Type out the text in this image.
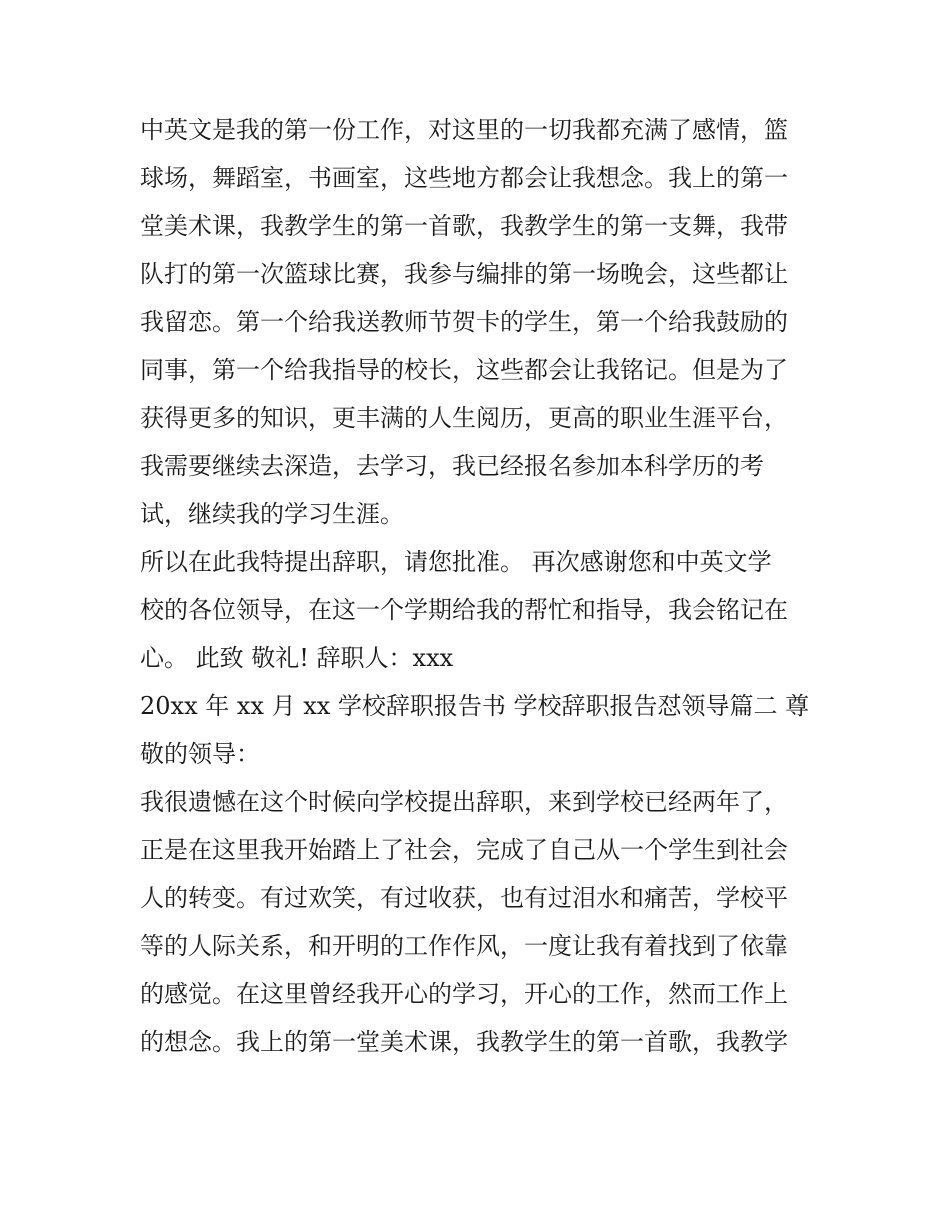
中英文是我的第一份工作，对这里的一切我都充满了感情，篮
球场，舞蹈室，书画室，这些地方都会让我想念。我上的第一
堂美术课，我教学生的第一首歌，我教学生的第一支舞，我带
队打的第一次篮球比赛，我参与编排的第一场晚会，这些都让
我留恋。第一个给我送教师节贺卡的学生，第一个给我鼓励的
同事，第一个给我指导的校长，这些都会让我铭记。但是为了
获得更多的知识，更丰满的人生阅历，更高的职业生涯平台，
我需要继续去深造，去学习，我已经报名参加本科学历的考
试，继续我的学习生涯。
所以在此我特提出辞职，请您批准。 再次感谢您和中英文学
校的各位领导，在这一个学期给我的帮忙和指导，我会铭记在
心。 此致 敬礼! 辞职人：xxx
20xx 年 xx 月 xx 学校辞职报告书 学校辞职报告怼领导篇二 尊
敬的领导：
我很遗憾在这个时候向学校提出辞职，来到学校已经两年了，
正是在这里我开始踏上了社会，完成了自己从一个学生到社会
人的转变。有过欢笑，有过收获，也有过泪水和痛苦，学校平
等的人际关系，和开明的工作作风，一度让我有着找到了依靠
的感觉。在这里曾经我开心的学习，开心的工作，然而工作上
的想念。我上的第一堂美术课，我教学生的第一首歌，我教学
